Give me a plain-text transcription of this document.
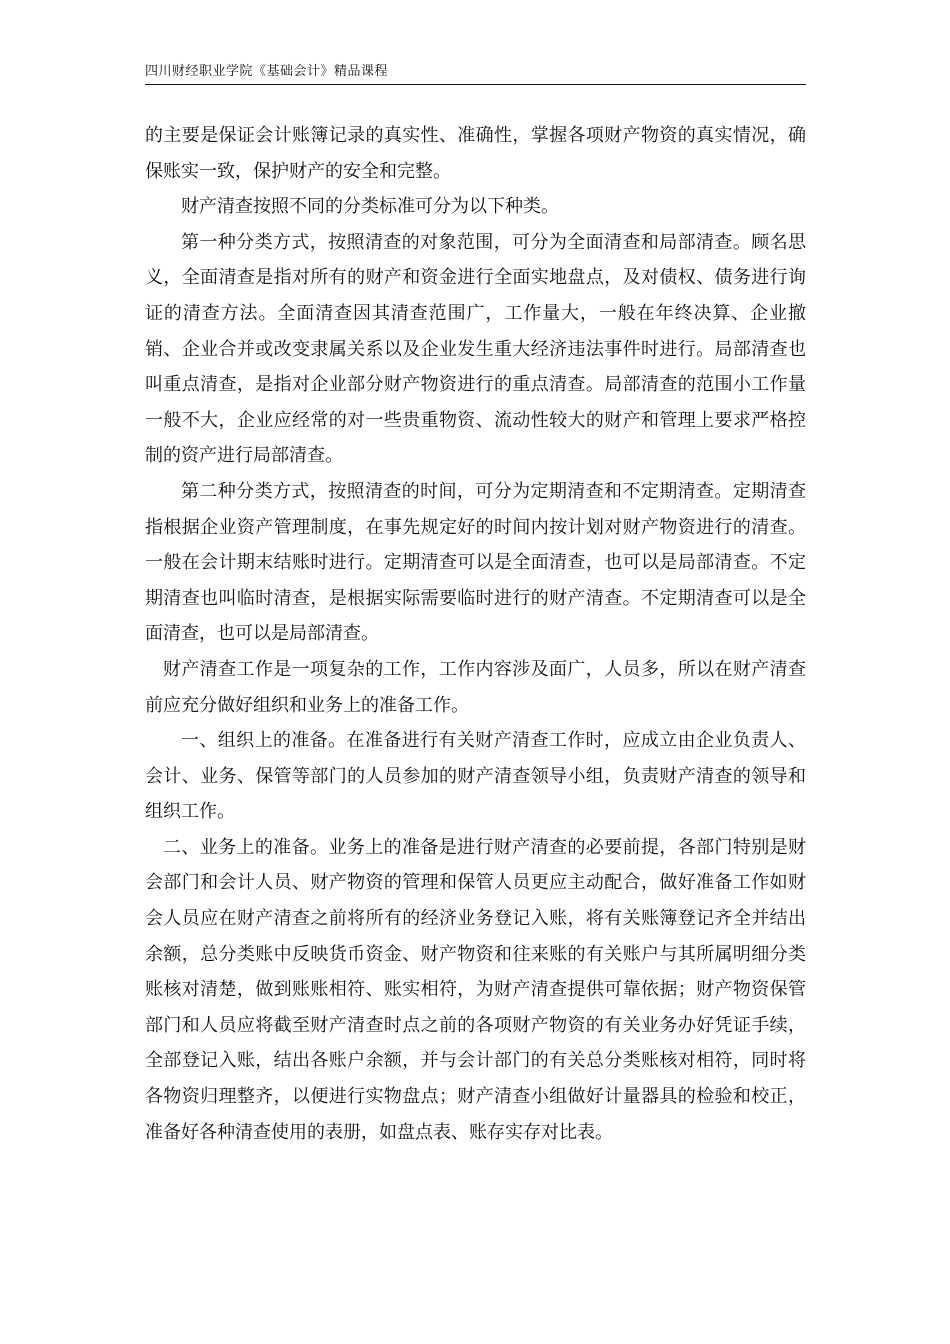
四川财经职业学院《基础会计》精品课程

的主要是保证会计账簿记录的真实性、准确性，掌握各项财产物资的真实情况，确保账实一致，保护财产的安全和完整。

财产清查按照不同的分类标准可分为以下种类。

第一种分类方式，按照清查的对象范围，可分为全面清查和局部清查。顾名思义，全面清查是指对所有的财产和资金进行全面实地盘点，及对债权、债务进行询证的清查方法。全面清查因其清查范围广，工作量大，一般在年终决算、企业撤销、企业合并或改变隶属关系以及企业发生重大经济违法事件时进行。局部清查也叫重点清查，是指对企业部分财产物资进行的重点清查。局部清查的范围小工作量一般不大，企业应经常的对一些贵重物资、流动性较大的财产和管理上要求严格控制的资产进行局部清查。

第二种分类方式，按照清查的时间，可分为定期清查和不定期清查。定期清查指根据企业资产管理制度，在事先规定好的时间内按计划对财产物资进行的清查。一般在会计期末结账时进行。定期清查可以是全面清查，也可以是局部清查。不定期清查也叫临时清查，是根据实际需要临时进行的财产清查。不定期清查可以是全面清查，也可以是局部清查。

财产清查工作是一项复杂的工作，工作内容涉及面广，人员多，所以在财产清查前应充分做好组织和业务上的准备工作。

一、组织上的准备。在准备进行有关财产清查工作时，应成立由企业负责人、会计、业务、保管等部门的人员参加的财产清查领导小组，负责财产清查的领导和组织工作。

二、业务上的准备。业务上的准备是进行财产清查的必要前提，各部门特别是财会部门和会计人员、财产物资的管理和保管人员更应主动配合，做好准备工作如财会人员应在财产清查之前将所有的经济业务登记入账，将有关账簿登记齐全并结出余额，总分类账中反映货币资金、财产物资和往来账的有关账户与其所属明细分类账核对清楚，做到账账相符、账实相符，为财产清查提供可靠依据；财产物资保管部门和人员应将截至财产清查时点之前的各项财产物资的有关业务办好凭证手续，全部登记入账，结出各账户余额，并与会计部门的有关总分类账核对相符，同时将各物资归理整齐，以便进行实物盘点；财产清查小组做好计量器具的检验和校正，准备好各种清查使用的表册，如盘点表、账存实存对比表。
